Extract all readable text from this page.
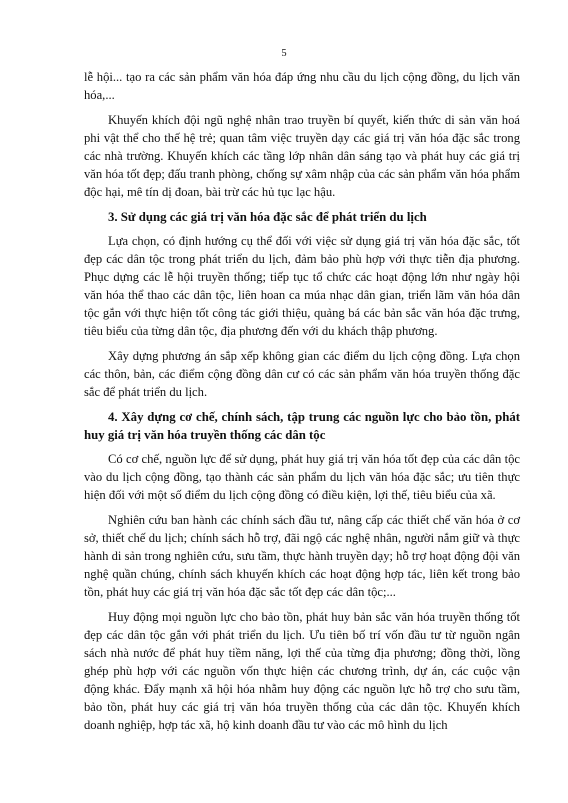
5

lễ hội... tạo ra các sản phẩm văn hóa đáp ứng nhu cầu du lịch cộng đồng, du lịch văn hóa,...

Khuyến khích đội ngũ nghệ nhân trao truyền bí quyết, kiến thức di sản văn hoá phi vật thể cho thế hệ trẻ; quan tâm việc truyền dạy các giá trị văn hóa đặc sắc trong các nhà trường. Khuyến khích các tầng lớp nhân dân sáng tạo và phát huy các giá trị văn hóa tốt đẹp; đấu tranh phòng, chống sự xâm nhập của các sản phẩm văn hóa phẩm độc hại, mê tín dị đoan, bài trừ các hủ tục lạc hậu.

3. Sử dụng các giá trị văn hóa đặc sắc để phát triển du lịch

Lựa chọn, có định hướng cụ thể đối với việc sử dụng giá trị văn hóa đặc sắc, tốt đẹp các dân tộc trong phát triển du lịch, đảm bảo phù hợp với thực tiễn địa phương. Phục dựng các lễ hội truyền thống; tiếp tục tổ chức các hoạt động lớn như ngày hội văn hóa thể thao các dân tộc, liên hoan ca múa nhạc dân gian, triển lãm văn hóa dân tộc gắn với thực hiện tốt công tác giới thiệu, quảng bá các bản sắc văn hóa đặc trưng, tiêu biểu của từng dân tộc, địa phương đến với du khách thập phương.

Xây dựng phương án sắp xếp không gian các điểm du lịch cộng đồng. Lựa chọn các thôn, bản, các điểm cộng đồng dân cư có các sản phẩm văn hóa truyền thống đặc sắc để phát triển du lịch.

4. Xây dựng cơ chế, chính sách, tập trung các nguồn lực cho bảo tồn, phát huy giá trị văn hóa truyền thống các dân tộc

Có cơ chế, nguồn lực để sử dụng, phát huy giá trị văn hóa tốt đẹp của các dân tộc vào du lịch cộng đồng, tạo thành các sản phẩm du lịch văn hóa đặc sắc; ưu tiên thực hiện đối với một số điểm du lịch cộng đồng có điều kiện, lợi thế, tiêu biểu của xã.

Nghiên cứu ban hành các chính sách đầu tư, nâng cấp các thiết chế văn hóa ở cơ sở, thiết chế du lịch; chính sách hỗ trợ, đãi ngộ các nghệ nhân, người nắm giữ và thực hành di sản trong nghiên cứu, sưu tầm, thực hành truyền dạy; hỗ trợ hoạt động đội văn nghệ quần chúng, chính sách khuyến khích các hoạt động hợp tác, liên kết trong bảo tồn, phát huy các giá trị văn hóa đặc sắc tốt đẹp các dân tộc;...

Huy động mọi nguồn lực cho bảo tồn, phát huy bản sắc văn hóa truyền thống tốt đẹp các dân tộc gắn với phát triển du lịch. Ưu tiên bố trí vốn đầu tư từ nguồn ngân sách nhà nước để phát huy tiềm năng, lợi thế của từng địa phương; đồng thời, lồng ghép phù hợp với các nguồn vốn thực hiện các chương trình, dự án, các cuộc vận động khác. Đẩy mạnh xã hội hóa nhằm huy động các nguồn lực hỗ trợ cho sưu tầm, bảo tồn, phát huy các giá trị văn hóa truyền thống của các dân tộc. Khuyến khích doanh nghiệp, hợp tác xã, hộ kinh doanh đầu tư vào các mô hình du lịch
